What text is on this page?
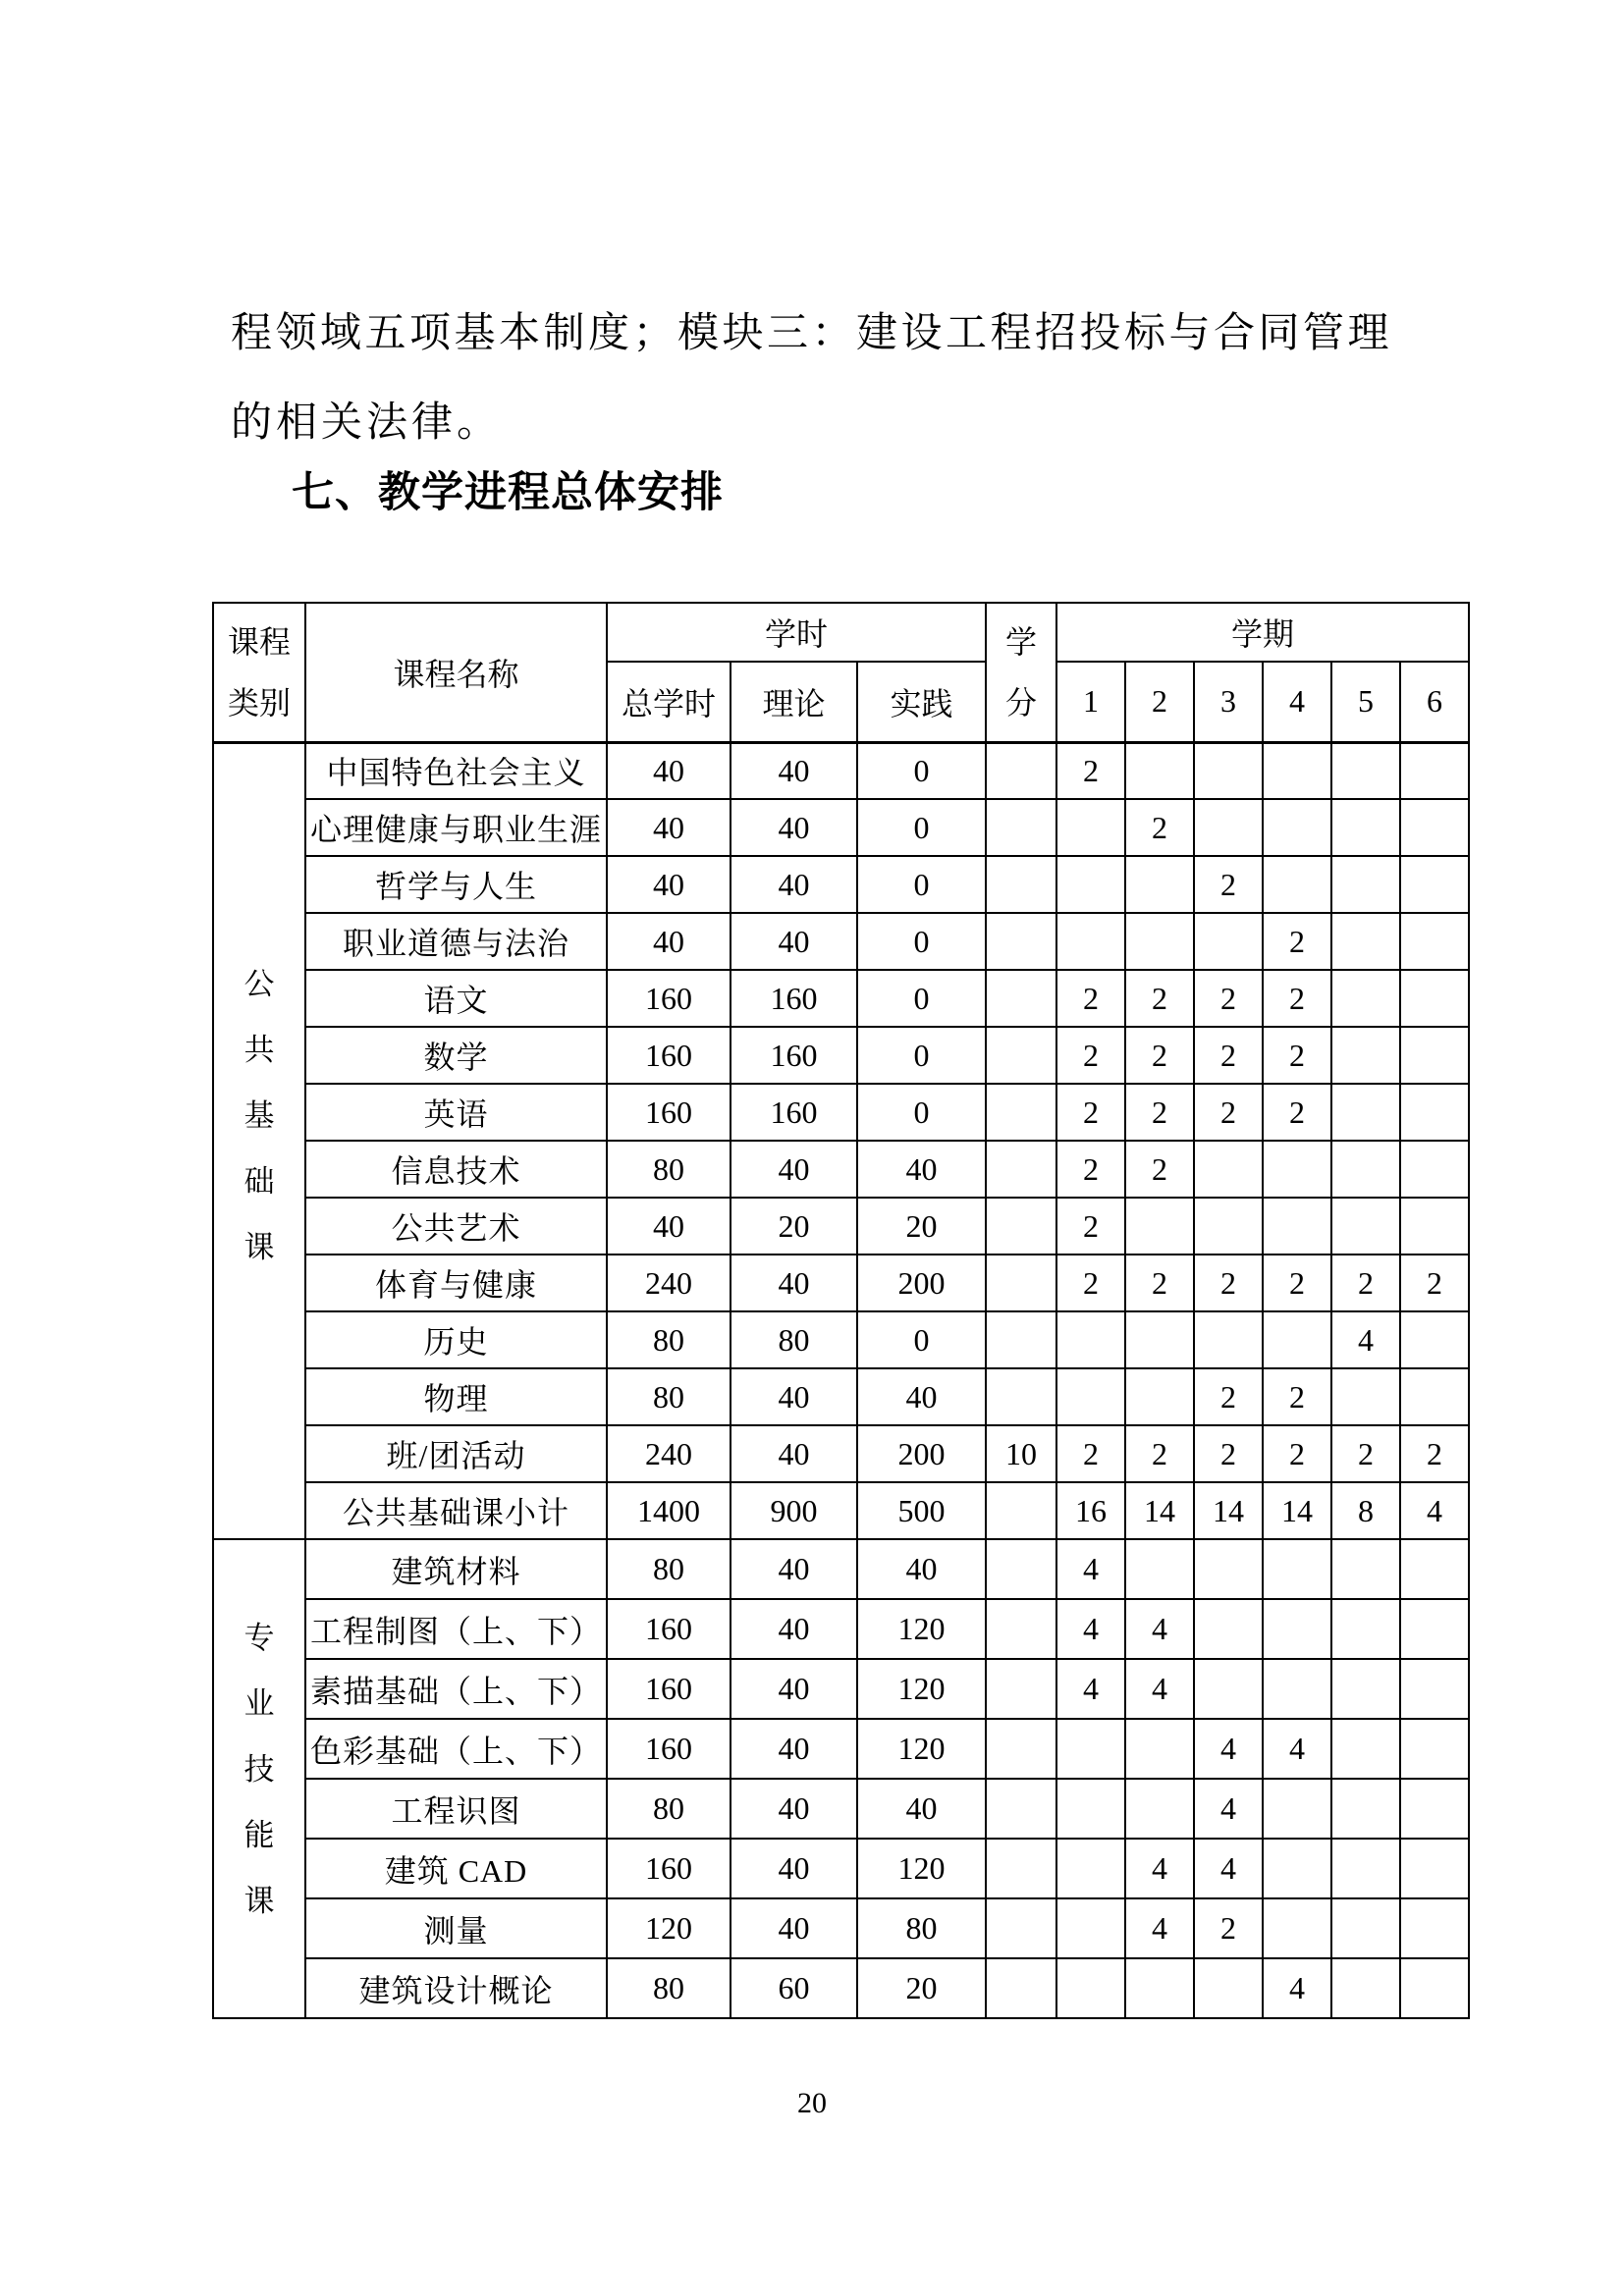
程领域五项基本制度；模块三：建设工程招投标与合同管理

的相关法律。

七、教学进程总体安排
课程类别	课程名称	学时			学分	学期					
		总学时	理论	实践		1	2	3	4	5	6

公
共
基
础
课	中国特色社会主义	40	40	0		2					
	心理健康与职业生涯	40	40	0			2				
	哲学与人生	40	40	0				2			
	职业道德与法治	40	40	0					2		
	语文	160	160	0		2	2	2	2		
	数学	160	160	0		2	2	2	2		
	英语	160	160	0		2	2	2	2		
	信息技术	80	40	40		2	2				
	公共艺术	40	20	20		2					
	体育与健康	240	40	200		2	2	2	2	2	2
	历史	80	80	0						4	
	物理	80	40	40				2	2		
	班/团活动	240	40	200	10	2	2	2	2	2	2
	公共基础课小计	1400	900	500		16	14	14	14	8	4

专
业
技
能
课	建筑材料	80	40	40		4					
	工程制图（上、下）	160	40	120		4	4				
	素描基础（上、下）	160	40	120		4	4				
	色彩基础（上、下）	160	40	120				4	4		
	工程识图	80	40	40				4			
	建筑 CAD	160	40	120			4	4			
	测量	120	40	80			4	2			
	建筑设计概论	80	60	20					4		
20
